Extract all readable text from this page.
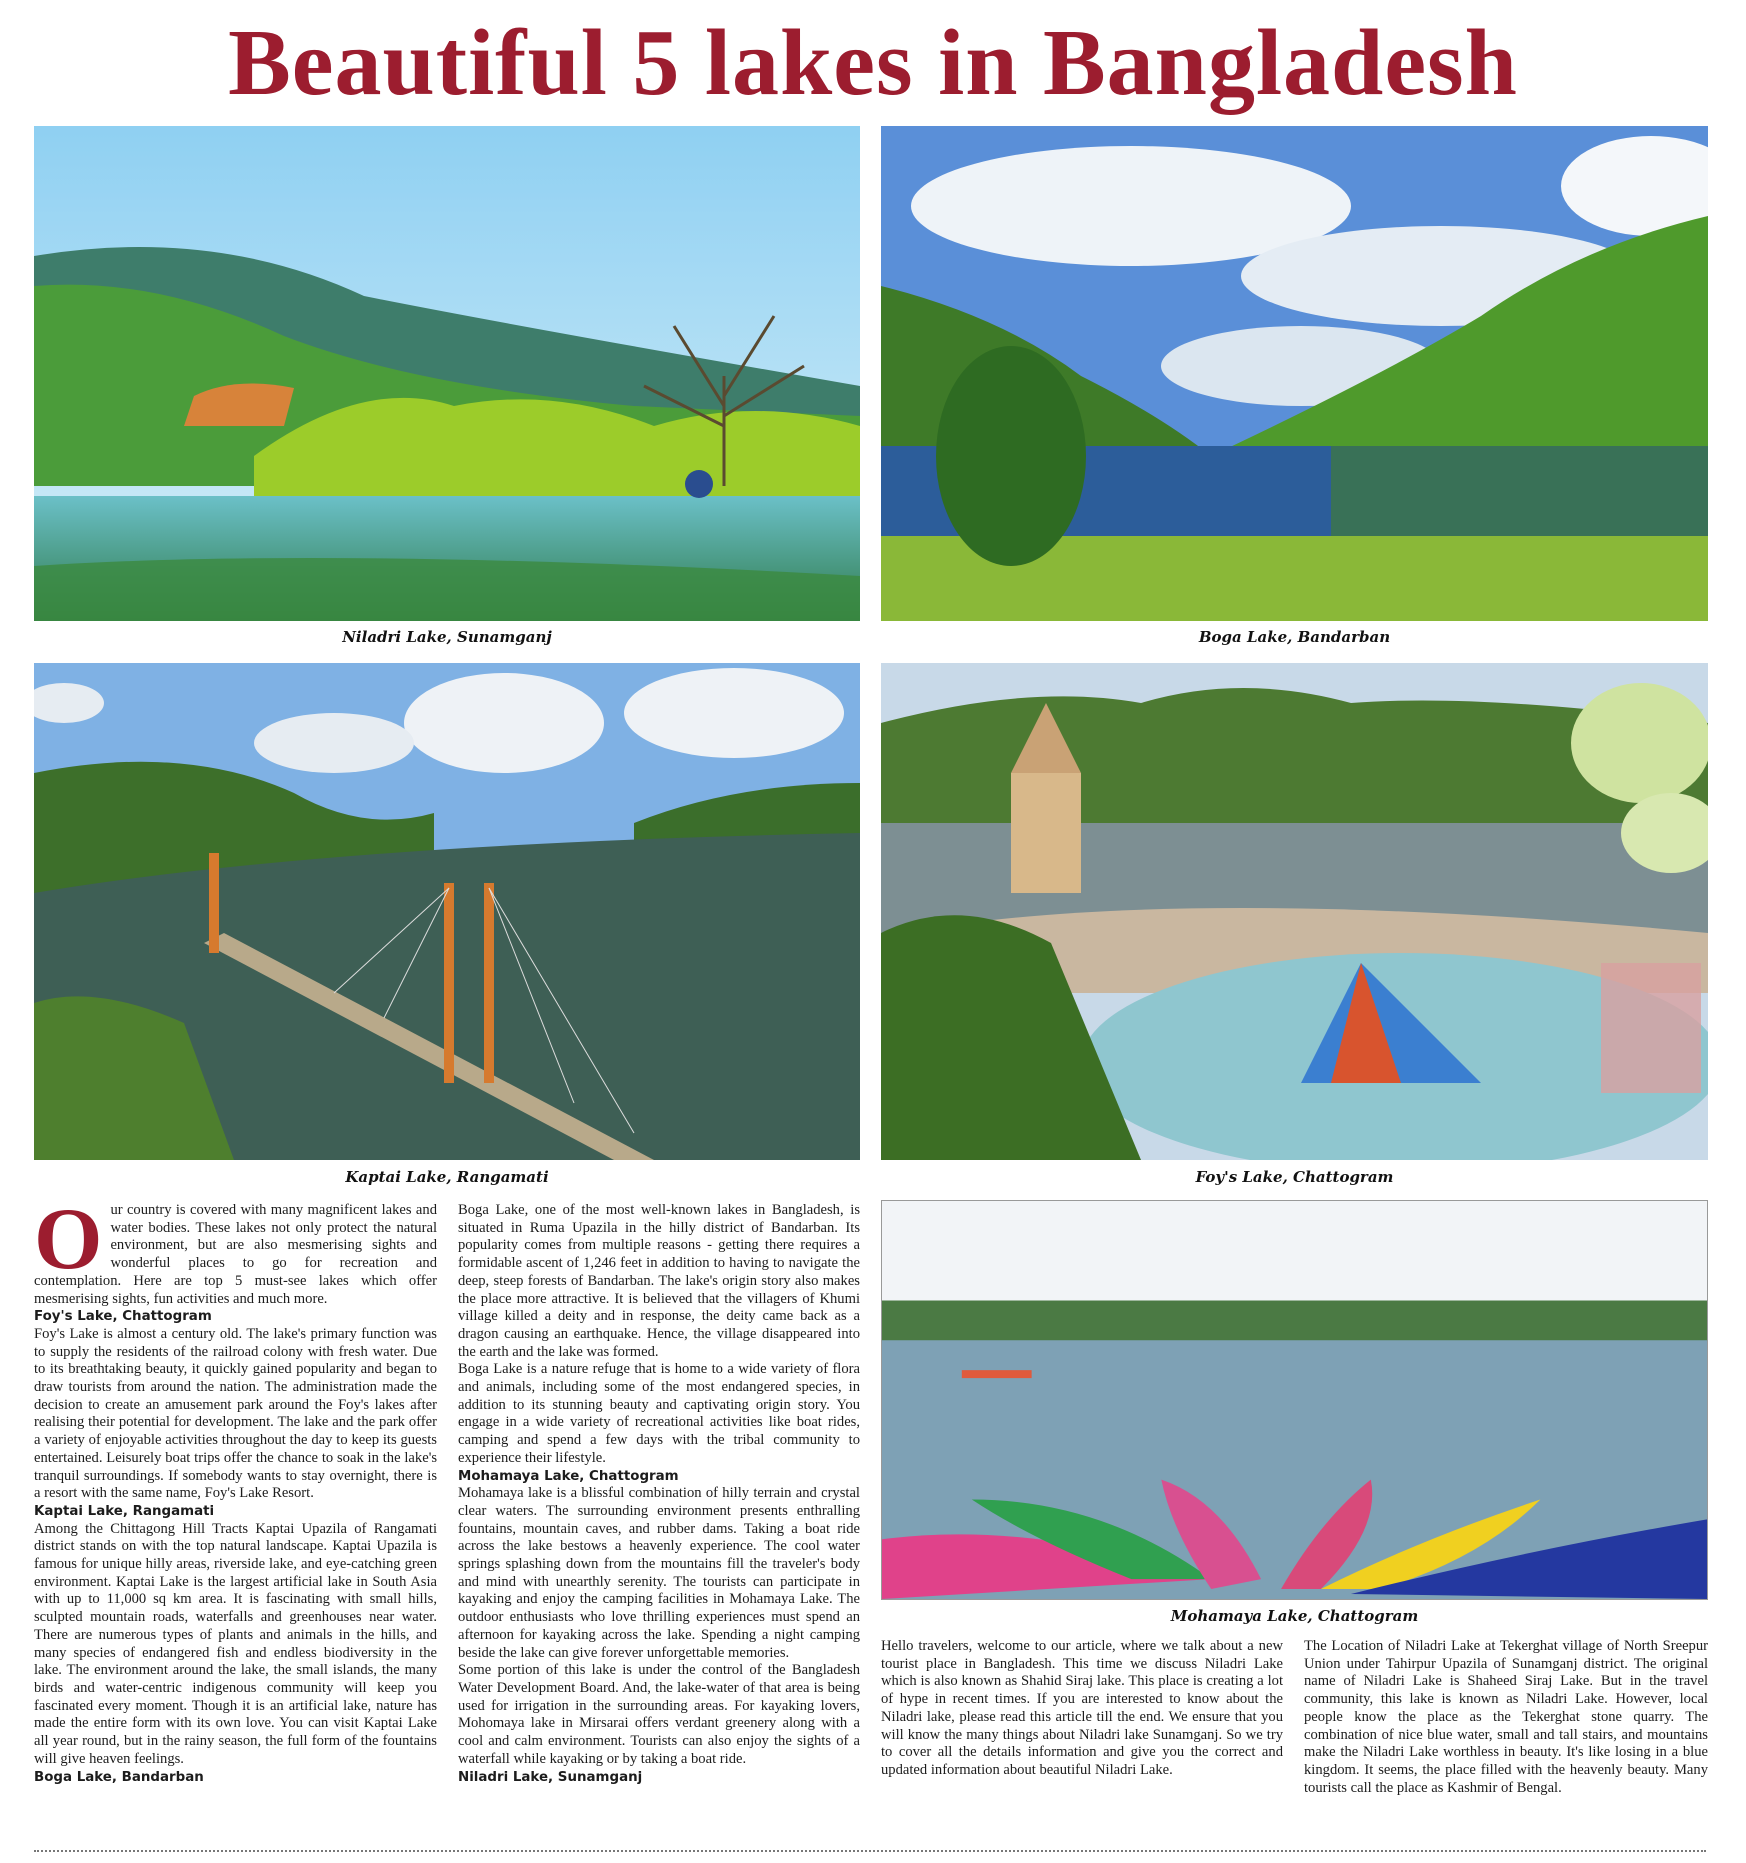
Beautiful 5 lakes in Bangladesh
Niladri Lake, Sunamganj	Boga Lake, Bandarban
Kaptai Lake, Rangamati	Foy's Lake, Chattogram
Mohamaya Lake, Chattogram

Our country is covered with many magnificent lakes and water bodies. These lakes not only protect the natural environment, but are also mesmerising sights and wonderful places to go for recreation and contemplation. Here are top 5 must-see lakes which offer mesmerising sights, fun activities and much more.

Foy's Lake, Chattogram

Foy's Lake is almost a century old. The lake's primary function was to supply the residents of the railroad colony with fresh water. Due to its breathtaking beauty, it quickly gained popularity and began to draw tourists from around the nation. The administration made the decision to create an amusement park around the Foy's lakes after realising their potential for development. The lake and the park offer a variety of enjoyable activities throughout the day to keep its guests entertained. Leisurely boat trips offer the chance to soak in the lake's tranquil surroundings. If somebody wants to stay overnight, there is a resort with the same name, Foy's Lake Resort.

Kaptai Lake, Rangamati

Among the Chittagong Hill Tracts Kaptai Upazila of Rangamati district stands on with the top natural landscape. Kaptai Upazila is famous for unique hilly areas, riverside lake, and eye-catching green environment. Kaptai Lake is the largest artificial lake in South Asia with up to 11,000 sq km area. It is fascinating with small hills, sculpted mountain roads, waterfalls and greenhouses near water. There are numerous types of plants and animals in the hills, and many species of endangered fish and endless biodiversity in the lake. The environment around the lake, the small islands, the many birds and water-centric indigenous community will keep you fascinated every moment. Though it is an artificial lake, nature has made the entire form with its own love. You can visit Kaptai Lake all year round, but in the rainy season, the full form of the fountains will give heaven feelings.

Boga Lake, Bandarban

Boga Lake, one of the most well-known lakes in Bangladesh, is situated in Ruma Upazila in the hilly district of Bandarban. Its popularity comes from multiple reasons - getting there requires a formidable ascent of 1,246 feet in addition to having to navigate the deep, steep forests of Bandarban. The lake's origin story also makes the place more attractive. It is believed that the villagers of Khumi village killed a deity and in response, the deity came back as a dragon causing an earthquake. Hence, the village disappeared into the earth and the lake was formed.

Boga Lake is a nature refuge that is home to a wide variety of flora and animals, including some of the most endangered species, in addition to its stunning beauty and captivating origin story. You engage in a wide variety of recreational activities like boat rides, camping and spend a few days with the tribal community to experience their lifestyle.

Mohamaya Lake, Chattogram

Mohamaya lake is a blissful combination of hilly terrain and crystal clear waters. The surrounding environment presents enthralling fountains, mountain caves, and rubber dams. Taking a boat ride across the lake bestows a heavenly experience. The cool water springs splashing down from the mountains fill the traveler's body and mind with unearthly serenity. The tourists can participate in kayaking and enjoy the camping facilities in Mohamaya Lake. The outdoor enthusiasts who love thrilling experiences must spend an afternoon for kayaking across the lake. Spending a night camping beside the lake can give forever unforgettable memories.

Some portion of this lake is under the control of the Bangladesh Water Development Board. And, the lake-water of that area is being used for irrigation in the surrounding areas. For kayaking lovers, Mohomaya lake in Mirsarai offers verdant greenery along with a cool and calm environment. Tourists can also enjoy the sights of a waterfall while kayaking or by taking a boat ride.

Niladri Lake, Sunamganj

Hello travelers, welcome to our article, where we talk about a new tourist place in Bangladesh. This time we discuss Niladri Lake which is also known as Shahid Siraj lake. This place is creating a lot of hype in recent times. If you are interested to know about the Niladri lake, please read this article till the end. We ensure that you will know the many things about Niladri lake Sunamganj. So we try to cover all the details information and give you the correct and updated information about beautiful Niladri Lake.

The Location of Niladri Lake at Tekerghat village of North Sreepur Union under Tahirpur Upazila of Sunamganj district. The original name of Niladri Lake is Shaheed Siraj Lake. But in the travel community, this lake is known as Niladri Lake. However, local people know the place as the Tekerghat stone quarry. The combination of nice blue water, small and tall stairs, and mountains make the Niladri Lake worthless in beauty. It's like losing in a blue kingdom. It seems, the place filled with the heavenly beauty. Many tourists call the place as Kashmir of Bengal.
